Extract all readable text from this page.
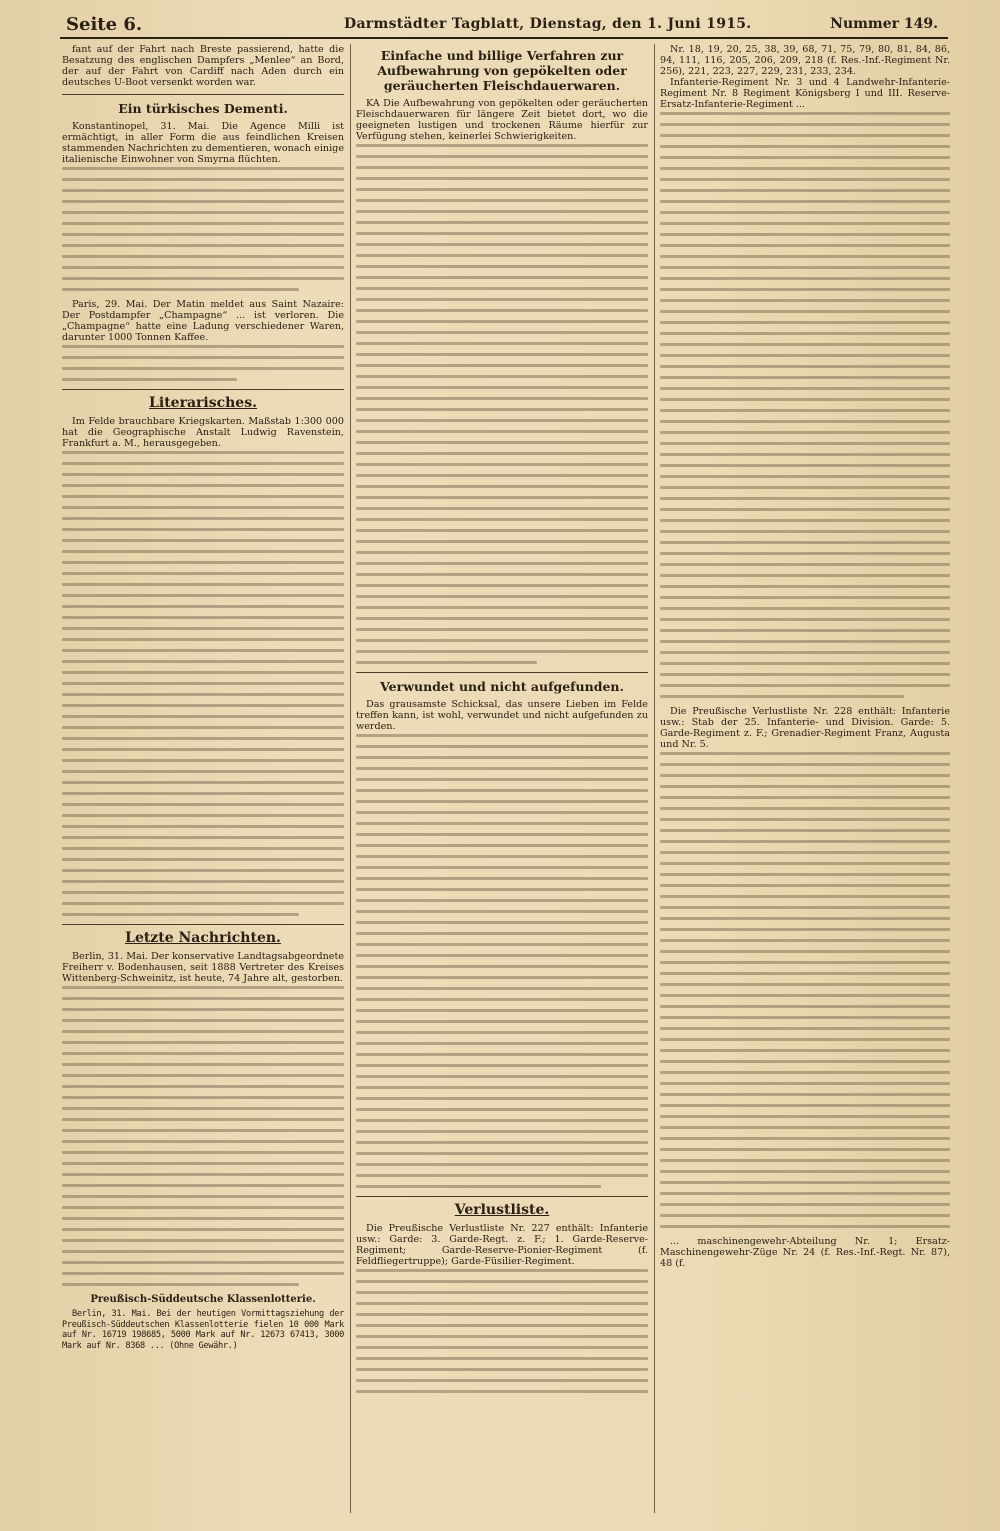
Seite 6.	Darmstädter Tagblatt, Dienstag, den 1. Juni 1915.	Nummer 149.

fant auf der Fahrt nach Breste passierend, hatte die Besatzung des englischen Dampfers „Menlee“ an Bord, der auf der Fahrt von Cardiff nach Aden durch ein deutsches U-Boot versenkt worden war.

Ein türkisches Dementi.

Konstantinopel, 31. Mai. Die Agence Milli ist ermächtigt, in aller Form die aus feindlichen Kreisen stammenden Nachrichten zu dementieren, wonach einige italienische Einwohner von Smyrna flüchten.

Paris, 29. Mai. Der Matin meldet aus Saint Nazaire: Der Postdampfer „Champagne“ ... ist verloren. Die „Champagne“ hatte eine Ladung verschiedener Waren, darunter 1000 Tonnen Kaffee.

Literarisches.

Im Felde brauchbare Kriegskarten. Maßstab 1:300 000 hat die Geographische Anstalt Ludwig Ravenstein, Frankfurt a. M., herausgegeben.

Letzte Nachrichten.

Berlin, 31. Mai. Der konservative Landtagsabgeordnete Freiherr v. Bodenhausen, seit 1888 Vertreter des Kreises Wittenberg-Schweinitz, ist heute, 74 Jahre alt, gestorben.

Preußisch-Süddeutsche Klassenlotterie.

Berlin, 31. Mai. Bei der heutigen Vormittagsziehung der Preußisch-Süddeutschen Klassenlotterie fielen 10 000 Mark auf Nr. 16719 198685, 5000 Mark auf Nr. 12673 67413, 3000 Mark auf Nr. 8368 ... (Ohne Gewähr.)

Einfache und billige Verfahren zur Aufbewahrung von gepökelten oder geräucherten Fleischdauerwaren.

KA Die Aufbewahrung von gepökelten oder geräucherten Fleischdauerwaren für längere Zeit bietet dort, wo die geeigneten lustigen und trockenen Räume hierfür zur Verfügung stehen, keinerlei Schwierigkeiten.

Verwundet und nicht aufgefunden.

Das grausamste Schicksal, das unsere Lieben im Felde treffen kann, ist wohl, verwundet und nicht aufgefunden zu werden.

Verlustliste.

Die Preußische Verlustliste Nr. 227 enthält: Infanterie usw.: Garde: 3. Garde-Regt. z. F.; 1. Garde-Reserve-Regiment; Garde-Reserve-Pionier-Regiment (f. Feldfliegertruppe); Garde-Füsilier-Regiment.

Nr. 18, 19, 20, 25, 38, 39, 68, 71, 75, 79, 80, 81, 84, 86, 94, 111, 116, 205, 206, 209, 218 (f. Res.-Inf.-Regiment Nr. 256), 221, 223, 227, 229, 231, 233, 234.

Infanterie-Regiment Nr. 3 und 4 Landwehr-Infanterie-Regiment Nr. 8 Regiment Königsberg I und III. Reserve-Ersatz-Infanterie-Regiment ...

Die Preußische Verlustliste Nr. 228 enthält: Infanterie usw.: Stab der 25. Infanterie- und Division. Garde: 5. Garde-Regiment z. F.; Grenadier-Regiment Franz, Augusta und Nr. 5.

... maschinengewehr-Abteilung Nr. 1; Ersatz-Maschinengewehr-Züge Nr. 24 (f. Res.-Inf.-Regt. Nr. 87), 48 (f.
